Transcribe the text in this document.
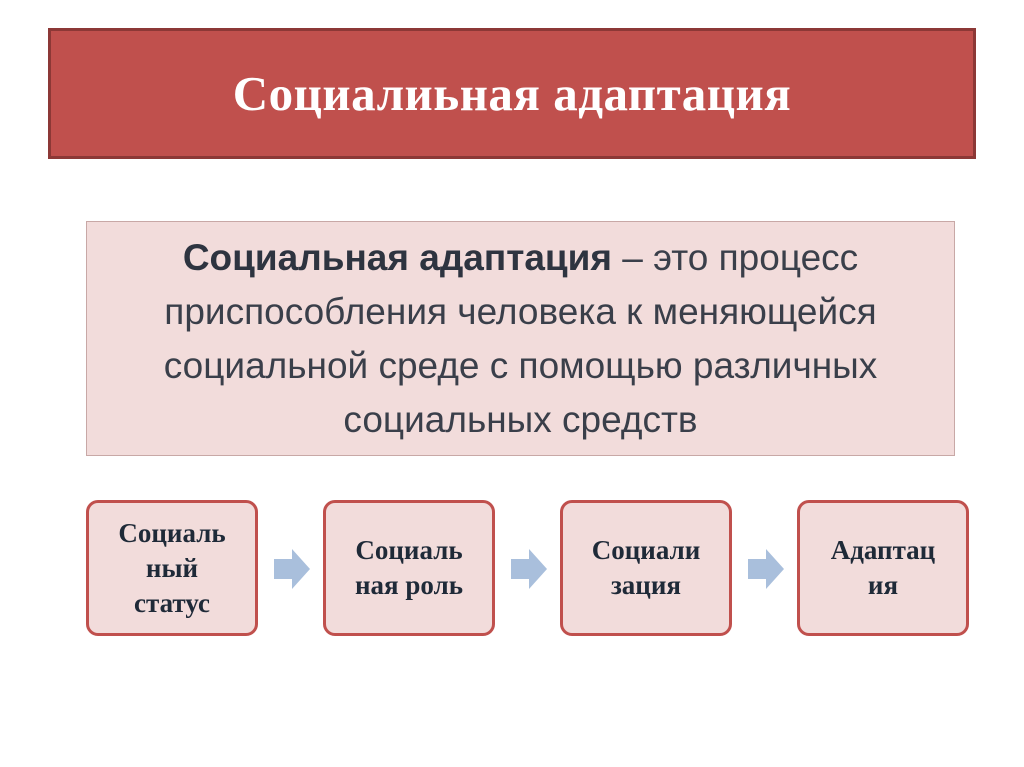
Социалиьная адаптация

Социальная адаптация – это процесс приспособления человека к меняющейся социальной среде с помощью различных социальных средств

Социаль
ный
статус
Социаль
ная роль
Социали
зация
Адаптац
ия
